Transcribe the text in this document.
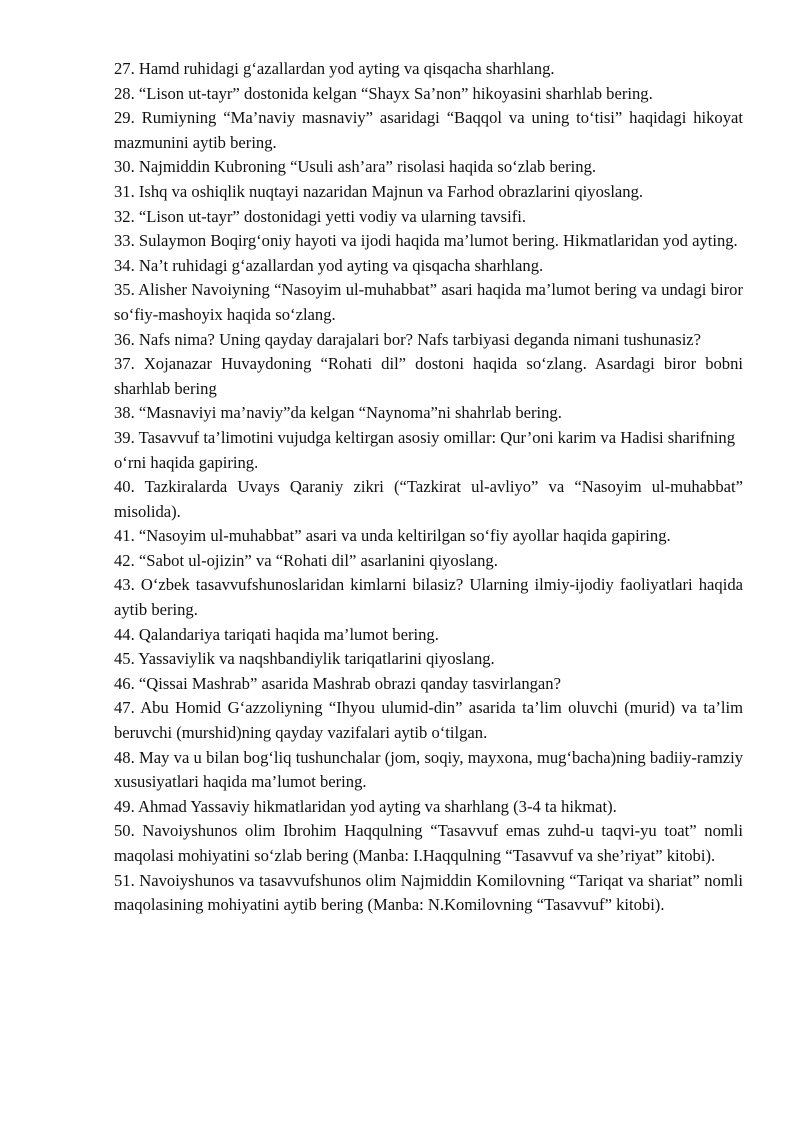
27. Hamd ruhidagi g‘azallardan yod ayting va qisqacha sharhlang.

28. “Lison ut-tayr” dostonida kelgan “Shayx Sa’non” hikoyasini sharhlab bering.

29. Rumiyning “Ma’naviy masnaviy” asaridagi “Baqqol va uning to‘tisi” haqidagi hikoyat mazmunini aytib bering.

30. Najmiddin Kubroning “Usuli ash’ara” risolasi haqida so‘zlab bering.

31. Ishq va oshiqlik nuqtayi nazaridan Majnun va Farhod obrazlarini qiyoslang.

32. “Lison ut-tayr” dostonidagi yetti vodiy va ularning tavsifi.

33. Sulaymon Boqirg‘oniy hayoti va ijodi haqida ma’lumot bering. Hikmatlaridan yod ayting.

34. Na’t ruhidagi g‘azallardan yod ayting va qisqacha sharhlang.

35. Alisher Navoiyning “Nasoyim ul-muhabbat” asari haqida ma’lumot bering va undagi biror so‘fiy-mashoyix haqida so‘zlang.

36. Nafs nima? Uning qayday darajalari bor? Nafs tarbiyasi deganda nimani tushunasiz?

37. Xojanazar Huvaydoning “Rohati dil” dostoni haqida so‘zlang. Asardagi biror bobni sharhlab bering

38. “Masnaviyi ma’naviy”da kelgan “Naynoma”ni shahrlab bering.

39. Tasavvuf ta’limotini vujudga keltirgan asosiy omillar: Qur’oni karim va Hadisi sharifning o‘rni haqida gapiring.

40. Tazkiralarda Uvays Qaraniy zikri (“Tazkirat ul-avliyo” va “Nasoyim ul-muhabbat” misolida).

41. “Nasoyim ul-muhabbat” asari va unda keltirilgan so‘fiy ayollar haqida gapiring.

42. “Sabot ul-ojizin” va “Rohati dil” asarlanini qiyoslang.

43. O‘zbek tasavvufshunoslaridan kimlarni bilasiz? Ularning ilmiy-ijodiy faoliyatlari haqida aytib bering.

44. Qalandariya tariqati haqida ma’lumot bering.

45. Yassaviylik va naqshbandiylik tariqatlarini qiyoslang.

46. “Qissai Mashrab” asarida Mashrab obrazi qanday tasvirlangan?

47. Abu Homid G‘azzoliyning “Ihyou ulumid-din” asarida ta’lim oluvchi (murid) va ta’lim beruvchi (murshid)ning qayday vazifalari aytib o‘tilgan.

48. May va u bilan bog‘liq tushunchalar (jom, soqiy, mayxona, mug‘bacha)ning badiiy-ramziy xususiyatlari haqida ma’lumot bering.

49. Ahmad Yassaviy hikmatlaridan yod ayting va sharhlang (3-4 ta hikmat).

50. Navoiyshunos olim Ibrohim Haqqulning “Tasavvuf emas zuhd-u taqvi-yu toat” nomli maqolasi mohiyatini so‘zlab bering (Manba: I.Haqqulning “Tasavvuf va she’riyat” kitobi).

51. Navoiyshunos va tasavvufshunos olim Najmiddin Komilovning “Tariqat va shariat” nomli maqolasining mohiyatini aytib bering (Manba: N.Komilovning “Tasavvuf” kitobi).
